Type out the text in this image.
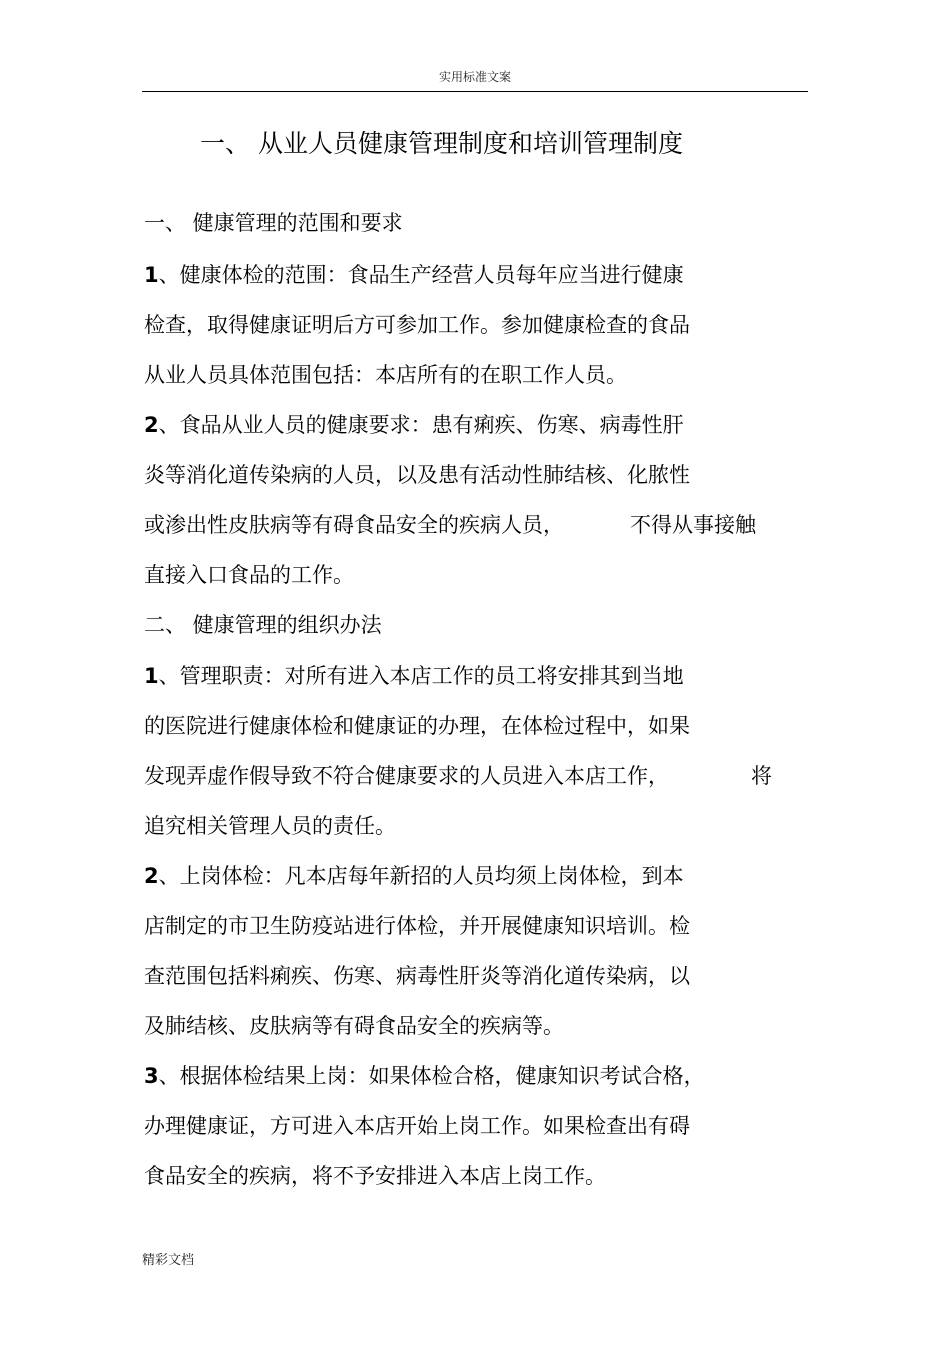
实用标准文案
一、 从业人员健康管理制度和培训管理制度
一、 健康管理的范围和要求
1、健康体检的范围：食品生产经营人员每年应当进行健康
检查，取得健康证明后方可参加工作。参加健康检查的食品
从业人员具体范围包括：本店所有的在职工作人员。
2、食品从业人员的健康要求：患有痢疾、伤寒、病毒性肝
炎等消化道传染病的人员，以及患有活动性肺结核、化脓性
或渗出性皮肤病等有碍食品安全的疾病人员，	不得从事接触
直接入口食品的工作。
二、 健康管理的组织办法
1、管理职责：对所有进入本店工作的员工将安排其到当地
的医院进行健康体检和健康证的办理，在体检过程中，如果
发现弄虚作假导致不符合健康要求的人员进入本店工作，	将
追究相关管理人员的责任。
2、上岗体检：凡本店每年新招的人员均须上岗体检，到本
店制定的市卫生防疫站进行体检，并开展健康知识培训。检
查范围包括料痢疾、伤寒、病毒性肝炎等消化道传染病，以
及肺结核、皮肤病等有碍食品安全的疾病等。
3、根据体检结果上岗：如果体检合格，健康知识考试合格，
办理健康证，方可进入本店开始上岗工作。如果检查出有碍
食品安全的疾病，将不予安排进入本店上岗工作。
精彩文档
